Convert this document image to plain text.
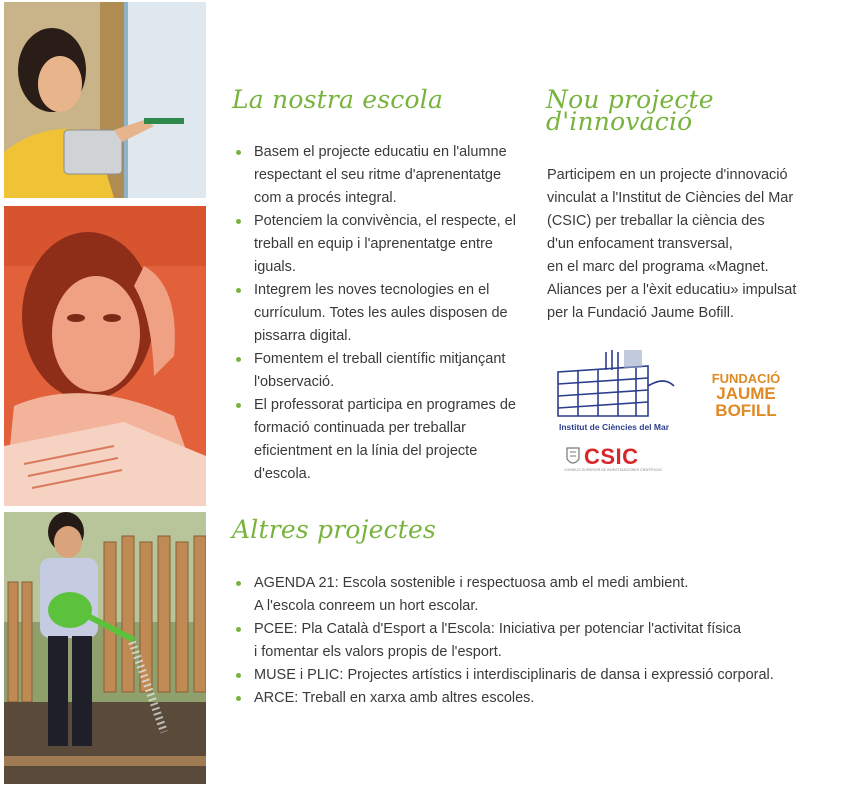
La nostra escola
Basem el projecte educatiu en l'alumne respectant el seu ritme d'aprenentatge com a procés integral.
Potenciem la convivència, el respecte, el treball en equip i l'aprenentatge entre iguals.
Integrem les noves tecnologies en el currículum. Totes les aules disposen de pissarra digital.
Fomentem el treball científic mitjançant l'observació.
El professorat participa en programes de formació continuada per treballar eficientment en la línia del projecte d'escola.
Nou projecte d'innovació

Participem en un projecte d'innovació
vinculat a l'Institut de Ciències del Mar
(CSIC) per treballar la ciència des
d'un enfocament transversal,
en el marc del programa «Magnet.
Aliances per a l'èxit educatiu» impulsat
per la Fundació Jaume Bofill.

Institut de Ciències del Mar
CSIC
CONSEJO SUPERIOR DE INVESTIGACIONES CIENTÍFICAS
FUNDACIÓ
JAUME
BOFILL
Altres projectes
AGENDA 21: Escola sostenible i respectuosa amb el medi ambient.
A l'escola conreem un hort escolar.
PCEE: Pla Català d'Esport a l'Escola: Iniciativa per potenciar l'activitat física
i fomentar els valors propis de l'esport.
MUSE i PLIC: Projectes artístics i interdisciplinaris de dansa i expressió corporal.
ARCE: Treball en xarxa amb altres escoles.
